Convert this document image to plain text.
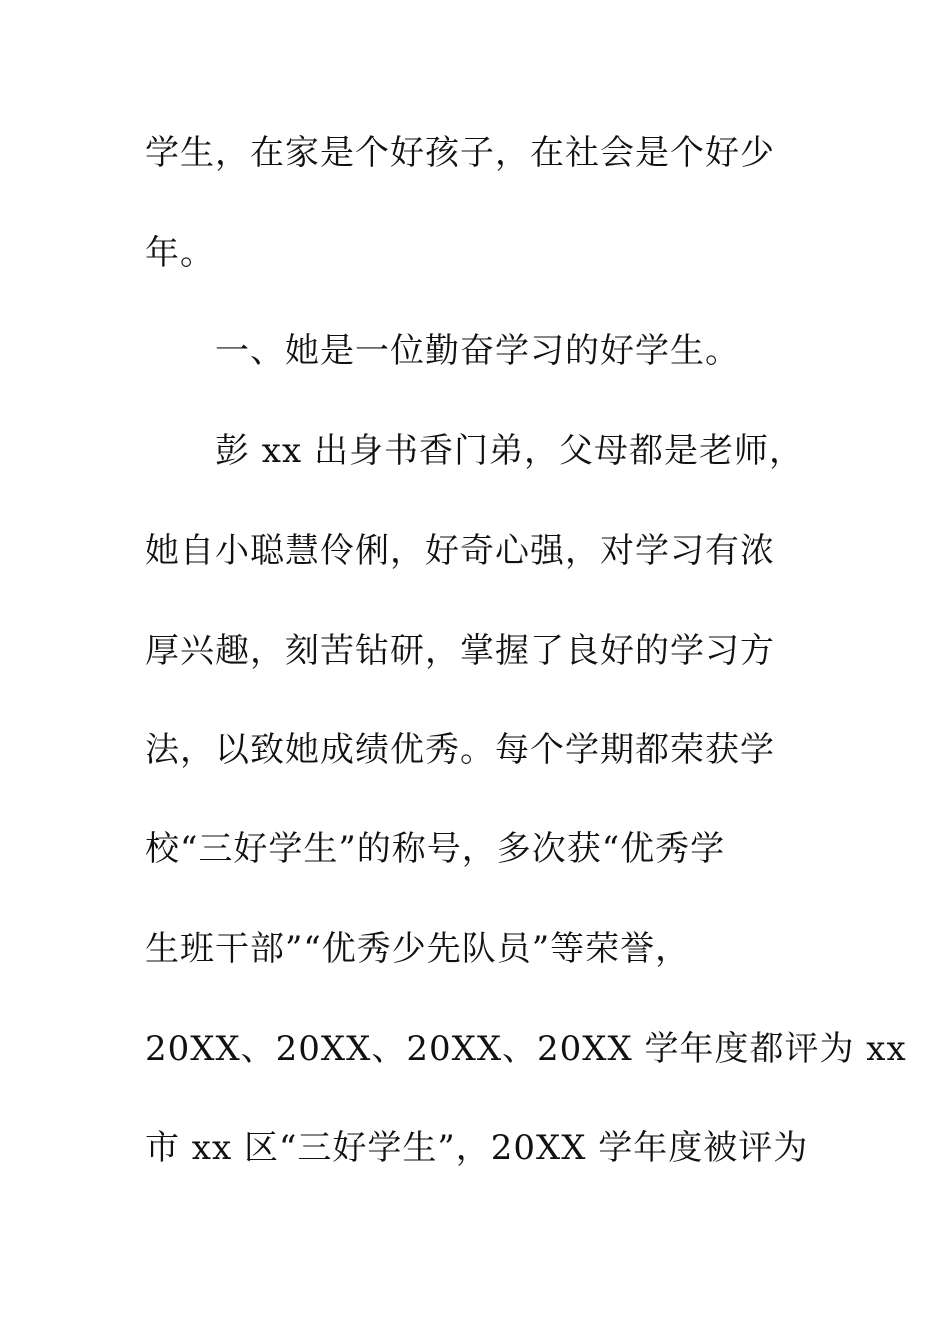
学生，在家是个好孩子，在社会是个好少
年。
一、她是一位勤奋学习的好学生。
彭 xx 出身书香门弟，父母都是老师，
她自小聪慧伶俐，好奇心强，对学习有浓
厚兴趣，刻苦钻研，掌握了良好的学习方
法，以致她成绩优秀。每个学期都荣获学
校“三好学生”的称号，多次获“优秀学
生班干部”“优秀少先队员”等荣誉，
20XX、20XX、20XX、20XX 学年度都评为 xx
市 xx 区“三好学生”，20XX 学年度被评为
